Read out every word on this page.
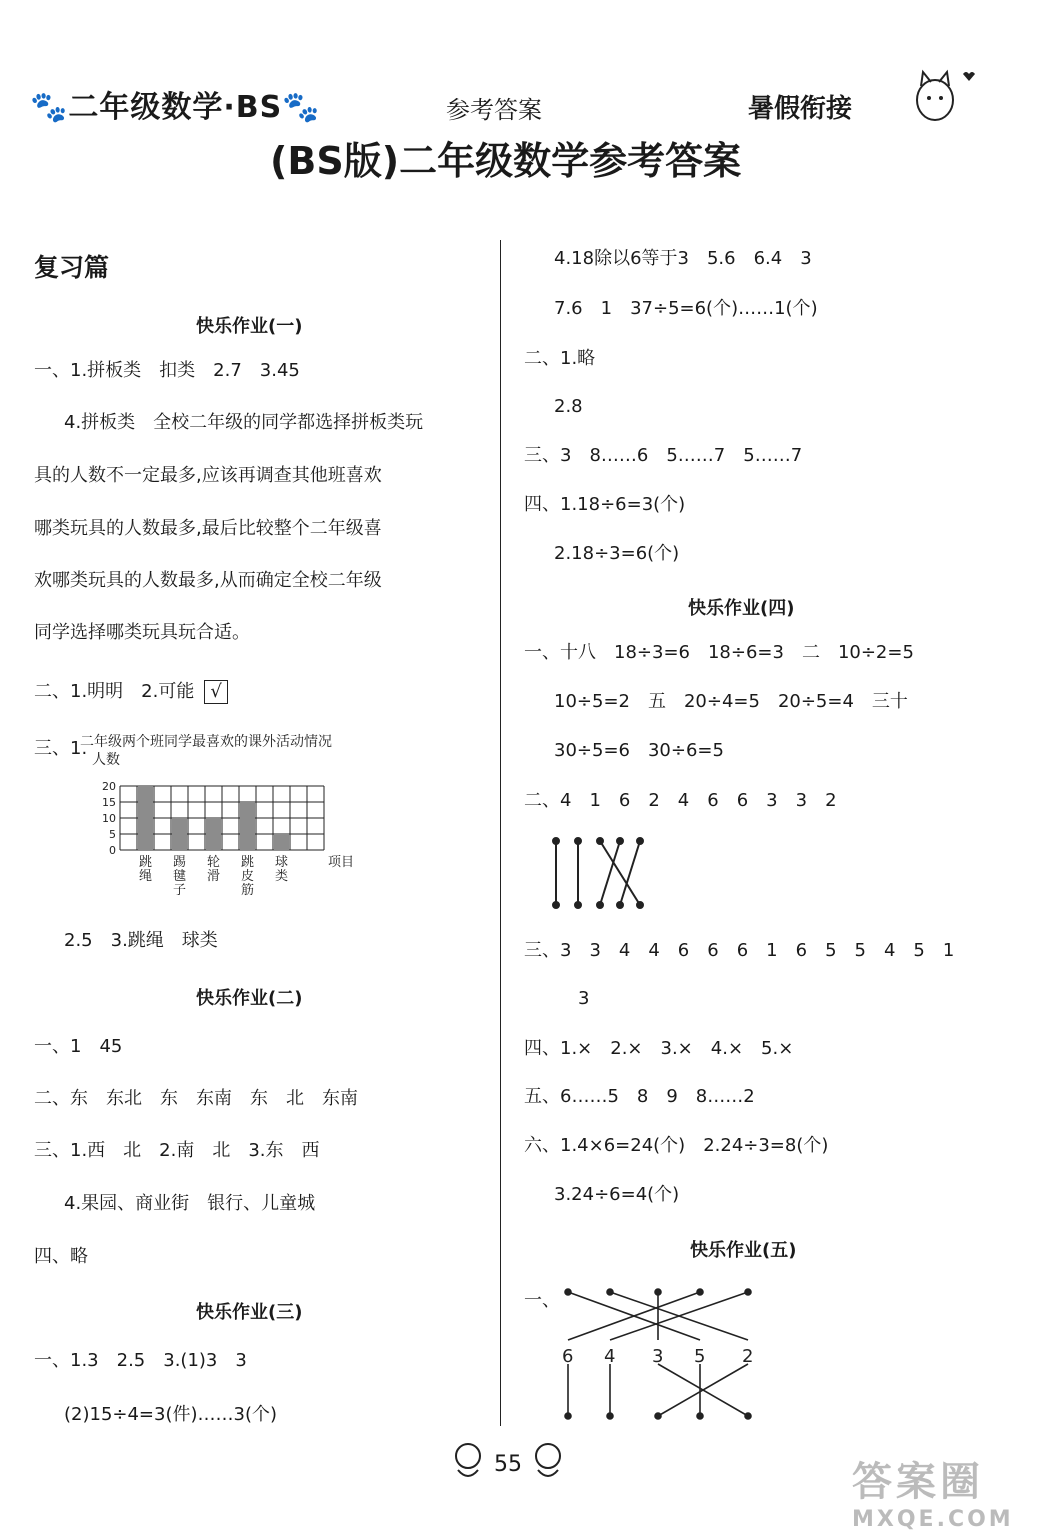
🐾二年级数学·BS🐾	参考答案	暑假衔接
(BS版)二年级数学参考答案
复习篇
快乐作业(一)
一、1.拼板类　扣类　2.7　3.45
4.拼板类　全校二年级的同学都选择拼板类玩
具的人数不一定最多,应该再调查其他班喜欢
哪类玩具的人数最多,最后比较整个二年级喜
欢哪类玩具的人数最多,从而确定全校二年级
同学选择哪类玩具玩合适。
二、1.明明　2.可能 √
三、1.
二年级两个班同学最喜欢的课外活动情况
人数
0
5
10
15
20
跳
绳
踢
毽
子
轮
滑
跳
皮
筋
球
类
项目
2.5　3.跳绳　球类
快乐作业(二)
一、1　45
二、东　东北　东　东南　东　北　东南
三、1.西　北　2.南　北　3.东　西
4.果园、商业街　银行、儿童城
四、略
快乐作业(三)
一、1.3　2.5　3.(1)3　3
(2)15÷4=3(件)……3(个)
4.18除以6等于3　5.6　6.4　3
7.6　1　37÷5=6(个)……1(个)
二、1.略
2.8
三、3　8……6　5……7　5……7
四、1.18÷6=3(个)
2.18÷3=6(个)
快乐作业(四)
一、十八　18÷3=6　18÷6=3　二　10÷2=5
10÷5=2　五　20÷4=5　20÷5=4　三十
30÷5=6　30÷6=5
二、4　1　6　2　4　6　6　3　3　2
三、3　3　4　4　6　6　6　1　6　5　5　4　5　1
3
四、1.×　2.×　3.×　4.×　5.×
五、6……5　8　9　8……2
六、1.4×6=24(个)　2.24÷3=8(个)
3.24÷6=4(个)
快乐作业(五)
一、
6 4 3 5 2
55	答案圈
MXQE.COM
